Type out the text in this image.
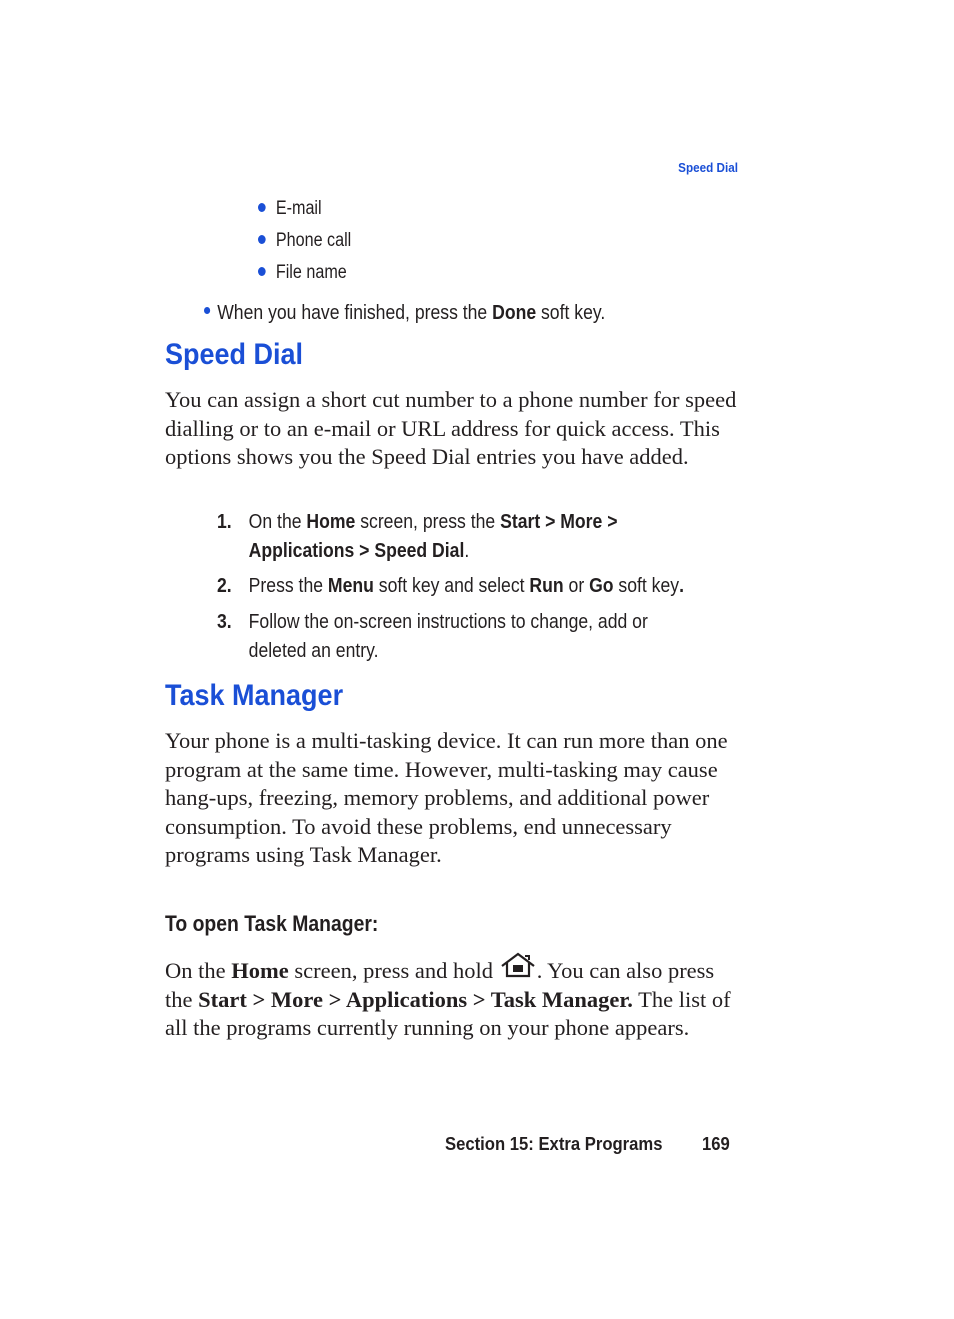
Speed Dial
E-mail
Phone call
File name
When you have finished, press the Done soft key.
Speed Dial
You can assign a short cut number to a phone number for speed dialling or to an e-mail or URL address for quick access. This options shows you the Speed Dial entries you have added.
1. On the Home screen, press the Start > More > Applications > Speed Dial.
2. Press the Menu soft key and select Run or Go soft key.
3. Follow the on-screen instructions to change, add or deleted an entry.
Task Manager
Your phone is a multi-tasking device. It can run more than one program at the same time. However, multi-tasking may cause hang-ups, freezing, memory problems, and additional power consumption. To avoid these problems, end unnecessary programs using Task Manager.
To open Task Manager:
On the Home screen, press and hold . You can also press the Start > More > Applications > Task Manager. The list of all the programs currently running on your phone appears.
Section 15: Extra Programs 169
